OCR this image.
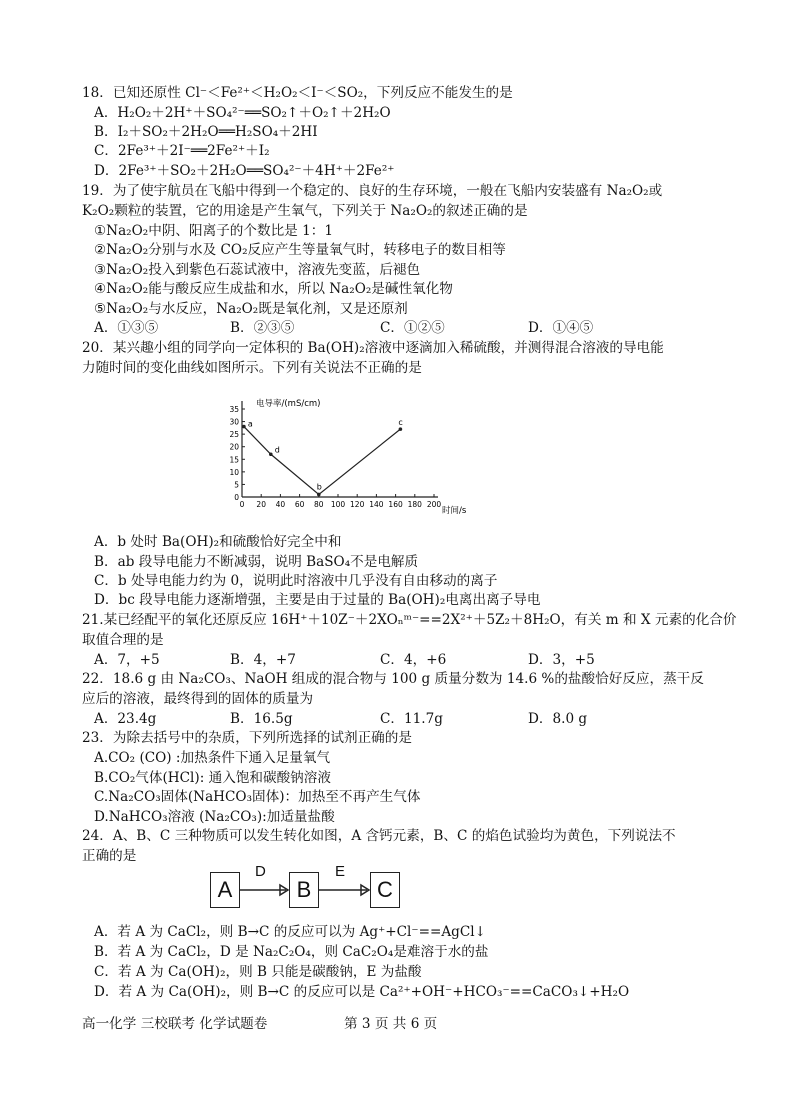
18．已知还原性 Cl⁻＜Fe²⁺＜H₂O₂＜I⁻＜SO₂，下列反应不能发生的是
A．H₂O₂＋2H⁺＋SO₄²⁻══SO₂↑＋O₂↑＋2H₂O
B．I₂＋SO₂＋2H₂O══H₂SO₄＋2HI
C．2Fe³⁺＋2I⁻══2Fe²⁺＋I₂
D．2Fe³⁺＋SO₂＋2H₂O══SO₄²⁻＋4H⁺＋2Fe²⁺
19．为了使宇航员在飞船中得到一个稳定的、良好的生存环境，一般在飞船内安装盛有 Na₂O₂或
K₂O₂颗粒的装置，它的用途是产生氧气，下列关于 Na₂O₂的叙述正确的是
①Na₂O₂中阴、阳离子的个数比是 1：1
②Na₂O₂分别与水及 CO₂反应产生等量氧气时，转移电子的数目相等
③Na₂O₂投入到紫色石蕊试液中，溶液先变蓝，后褪色
④Na₂O₂能与酸反应生成盐和水，所以 Na₂O₂是碱性氧化物
⑤Na₂O₂与水反应，Na₂O₂既是氧化剂，又是还原剂
A．①③⑤	B．②③⑤	C．①②⑤	D．①④⑤
20．某兴趣小组的同学向一定体积的 Ba(OH)₂溶液中逐滴加入稀硫酸，并测得混合溶液的导电能
力随时间的变化曲线如图所示。下列有关说法不正确的是
0 20 40 60 80 100 120 140 160 180 200
0
5
10
15
20
25
30
35
a
d
b
c
电导率/(mS/cm)
时间/s
A．b 处时 Ba(OH)₂和硫酸恰好完全中和
B．ab 段导电能力不断减弱，说明 BaSO₄不是电解质
C．b 处导电能力约为 0，说明此时溶液中几乎没有自由移动的离子
D．bc 段导电能力逐渐增强，主要是由于过量的 Ba(OH)₂电离出离子导电
21.某已经配平的氧化还原反应 16H⁺＋10Z⁻＋2XOₙᵐ⁻==2X²⁺＋5Z₂＋8H₂O，有关 m 和 X 元素的化合价
取值合理的是
A．7，+5	B．4，+7	C．4，+6	D．3，+5
22．18.6 g 由 Na₂CO₃、NaOH 组成的混合物与 100 g 质量分数为 14.6 %的盐酸恰好反应，蒸干反
应后的溶液，最终得到的固体的质量为
A．23.4g	B．16.5g	C．11.7g	D．8.0 g
23．为除去括号中的杂质，下列所选择的试剂正确的是
A.CO₂ (CO) :加热条件下通入足量氧气
B.CO₂气体(HCl): 通入饱和碳酸钠溶液
C.Na₂CO₃固体(NaHCO₃固体)：加热至不再产生气体
D.NaHCO₃溶液 (Na₂CO₃):加适量盐酸
24．A、B、C 三种物质可以发生转化如图，A 含钙元素，B、C 的焰色试验均为黄色，下列说法不
正确的是
A	B	C
D	E
A．若 A 为 CaCl₂，则 B→C 的反应可以为 Ag⁺+Cl⁻==AgCl↓
B．若 A 为 CaCl₂，D 是 Na₂C₂O₄，则 CaC₂O₄是难溶于水的盐
C．若 A 为 Ca(OH)₂，则 B 只能是碳酸钠，E 为盐酸
D．若 A 为 Ca(OH)₂，则 B→C 的反应可以是 Ca²⁺+OH⁻+HCO₃⁻==CaCO₃↓+H₂O
高一化学 三校联考 化学试题卷	第 3 页 共 6 页
